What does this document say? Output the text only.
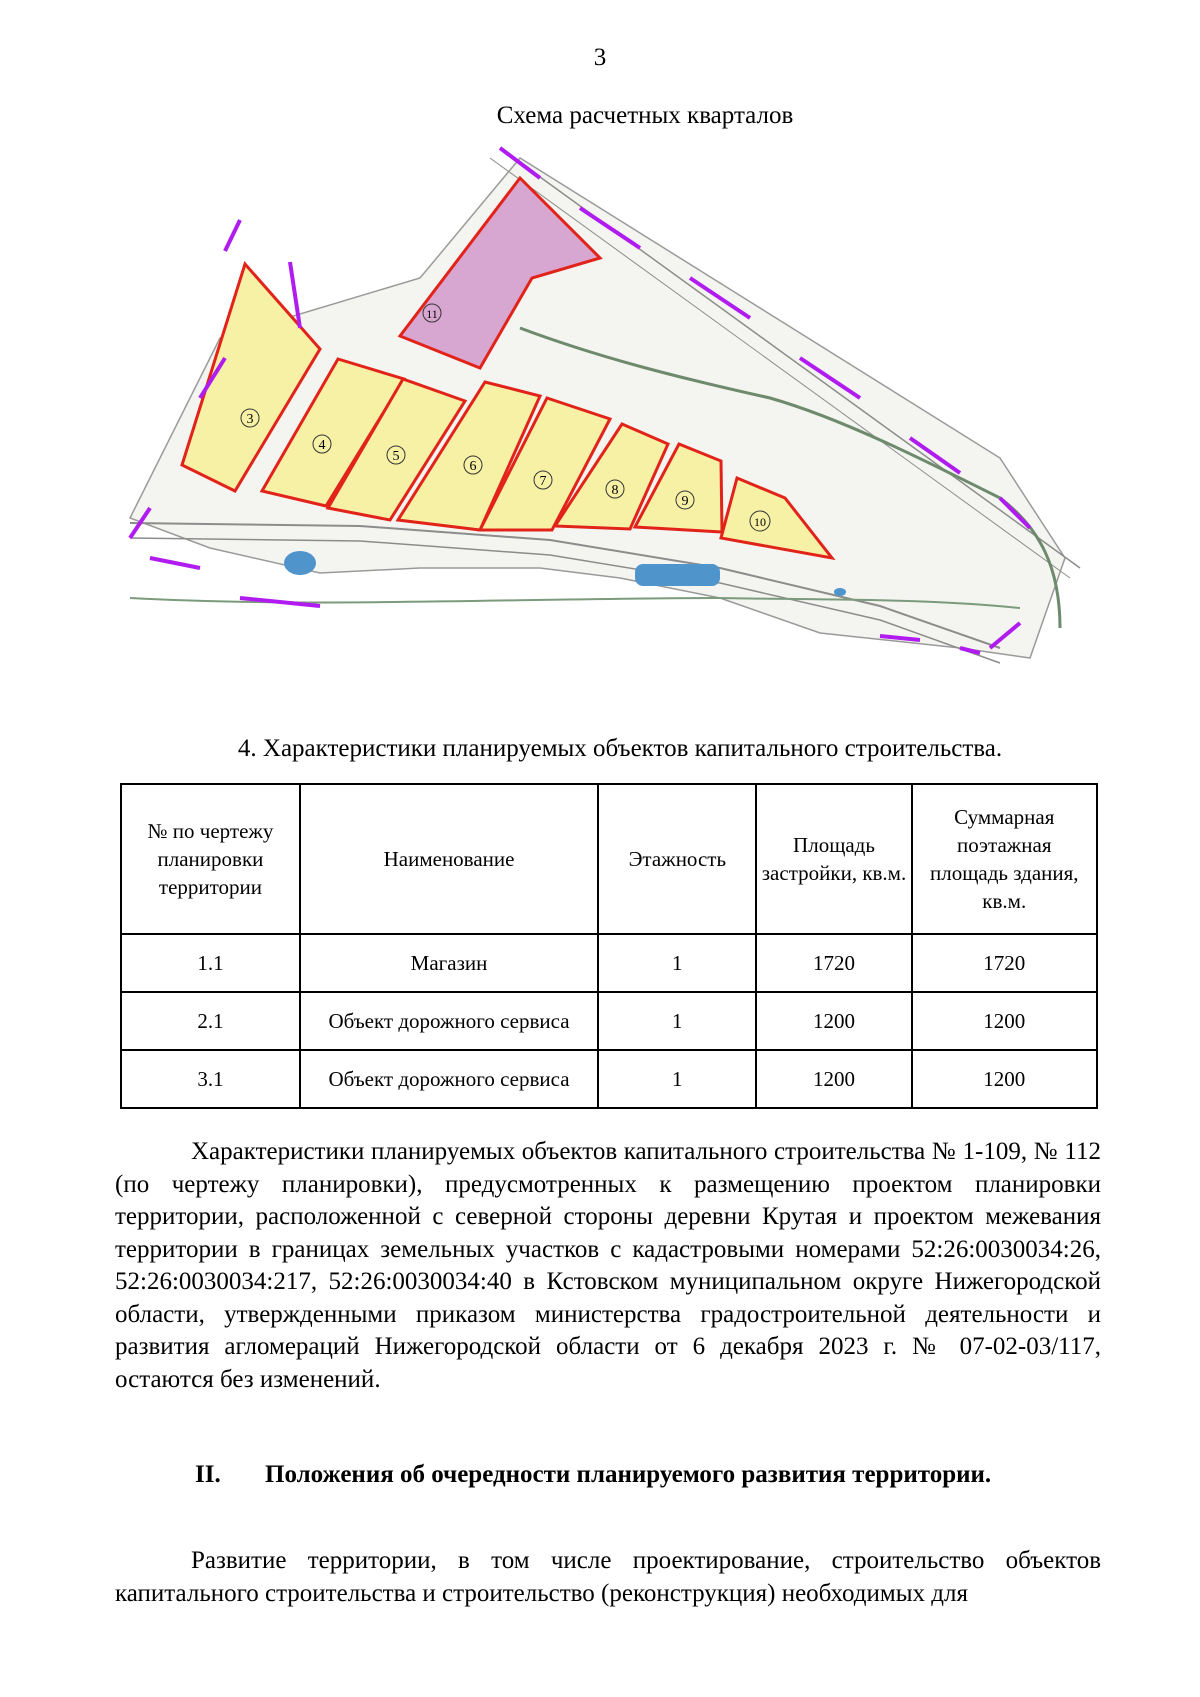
3
Схема расчетных кварталов
3
4
5
6
7
8
9
10
11
4. Характеристики планируемых объектов капитального строительства.
№ по чертежу планировки территории	Наименование	Этажность	Площадь застройки, кв.м.	Суммарная поэтажная площадь здания, кв.м.
1.1	Магазин	1	1720	1720
2.1	Объект дорожного сервиса	1	1200	1200
3.1	Объект дорожного сервиса	1	1200	1200

Характеристики планируемых объектов капитального строительства № 1-109, № 112 (по чертежу планировки), предусмотренных к размещению проектом планировки территории, расположенной с северной стороны деревни Крутая и проектом межевания территории в границах земельных участков с кадастровыми номерами 52:26:0030034:26, 52:26:0030034:217, 52:26:0030034:40 в Кстовском муниципальном округе Нижегородской области, утвержденными приказом министерства градостроительной деятельности и развития агломераций Нижегородской области от 6 декабря 2023 г. № 07-02-03/117, остаются без изменений.

II. Положения об очередности планируемого развития территории.

Развитие территории, в том числе проектирование, строительство объектов капитального строительства и строительство (реконструкция) необходимых для
